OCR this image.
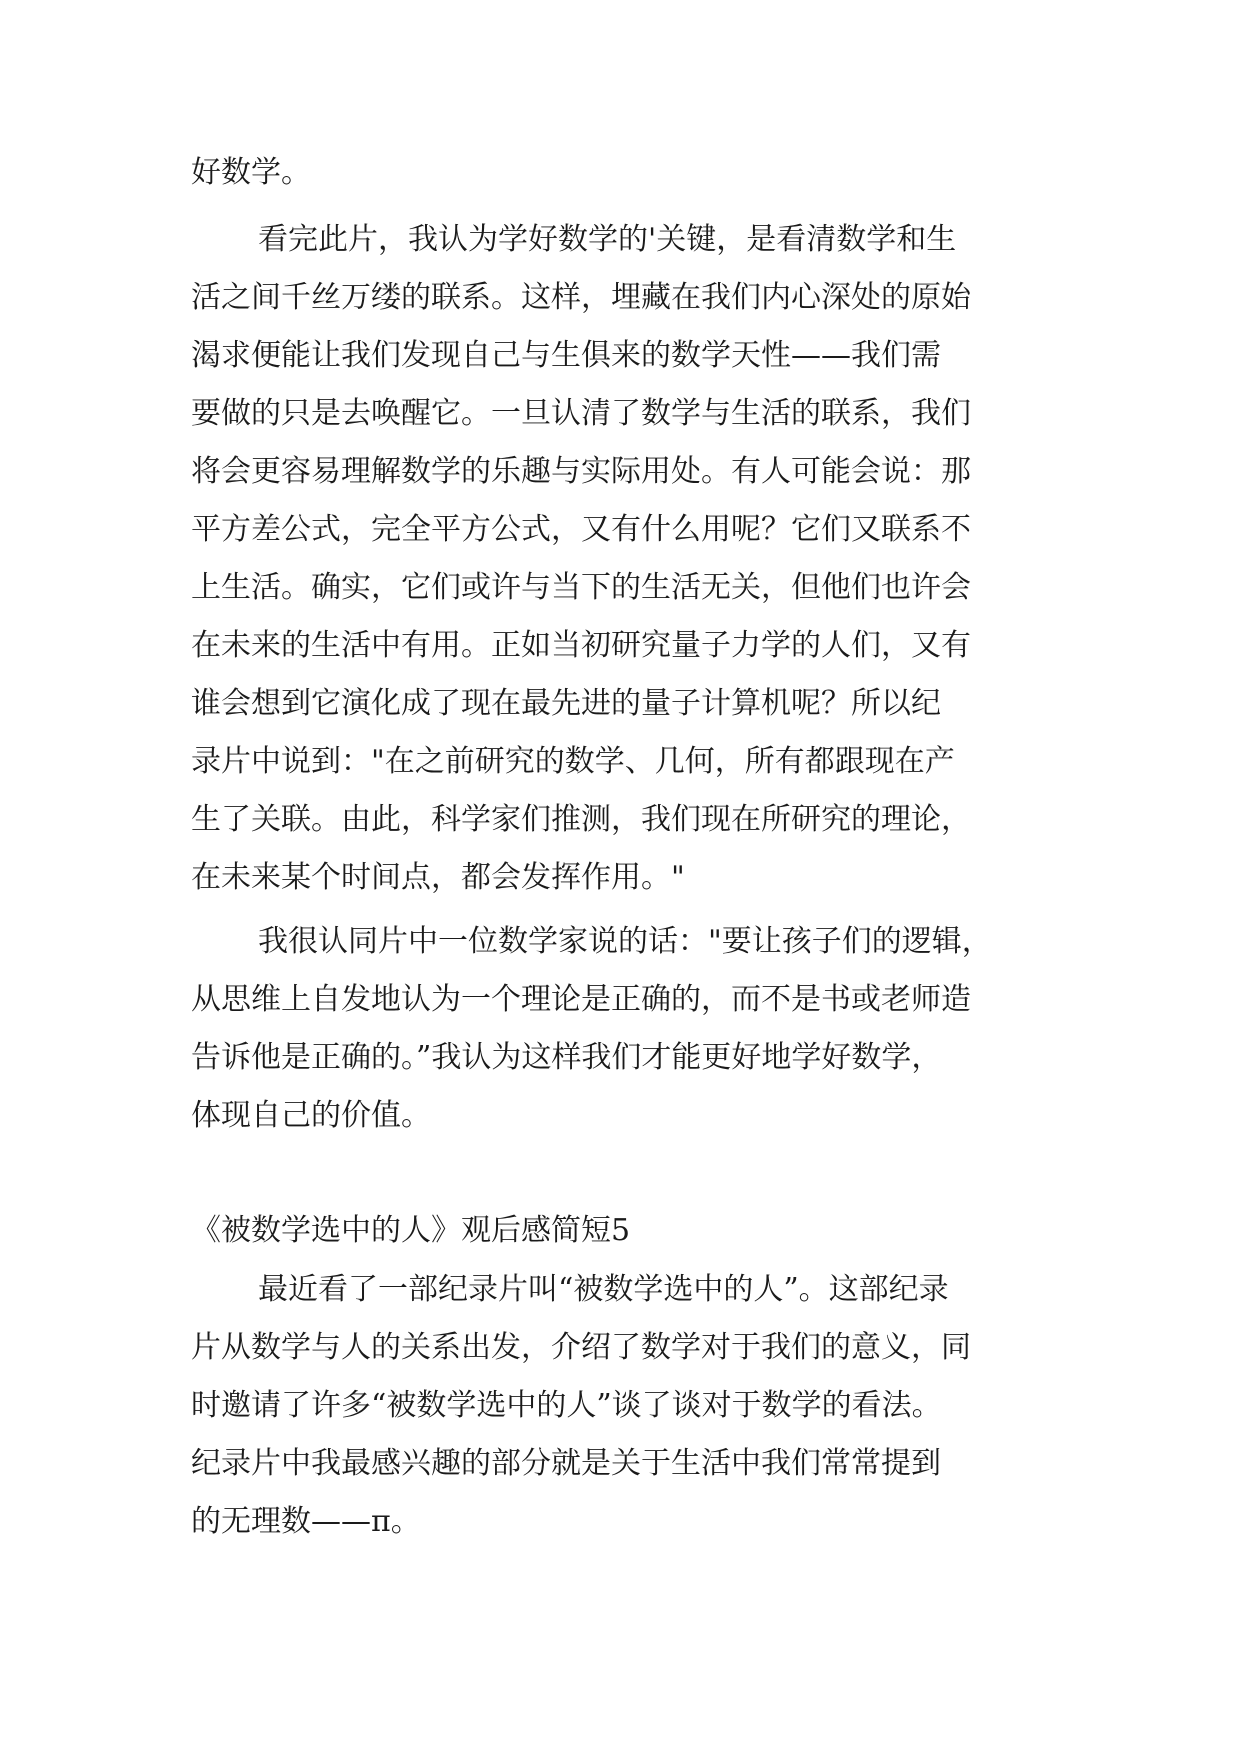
好数学。

看完此片，我认为学好数学的'关键，是看清数学和生

活之间千丝万缕的联系。这样，埋藏在我们内心深处的原始

渴求便能让我们发现自己与生俱来的数学天性——我们需

要做的只是去唤醒它。一旦认清了数学与生活的联系，我们

将会更容易理解数学的乐趣与实际用处。有人可能会说：那

平方差公式，完全平方公式，又有什么用呢？它们又联系不

上生活。确实，它们或许与当下的生活无关，但他们也许会

在未来的生活中有用。正如当初研究量子力学的人们，又有

谁会想到它演化成了现在最先进的量子计算机呢？所以纪

录片中说到："在之前研究的数学、几何，所有都跟现在产

生了关联。由此，科学家们推测，我们现在所研究的理论，

在未来某个时间点，都会发挥作用。"

我很认同片中一位数学家说的话："要让孩子们的逻辑，

从思维上自发地认为一个理论是正确的，而不是书或老师造

告诉他是正确的。”我认为这样我们才能更好地学好数学，

体现自己的价值。

《被数学选中的人》观后感简短5

最近看了一部纪录片叫“被数学选中的人”。这部纪录

片从数学与人的关系出发，介绍了数学对于我们的意义，同

时邀请了许多“被数学选中的人”谈了谈对于数学的看法。

纪录片中我最感兴趣的部分就是关于生活中我们常常提到

的无理数——π。
